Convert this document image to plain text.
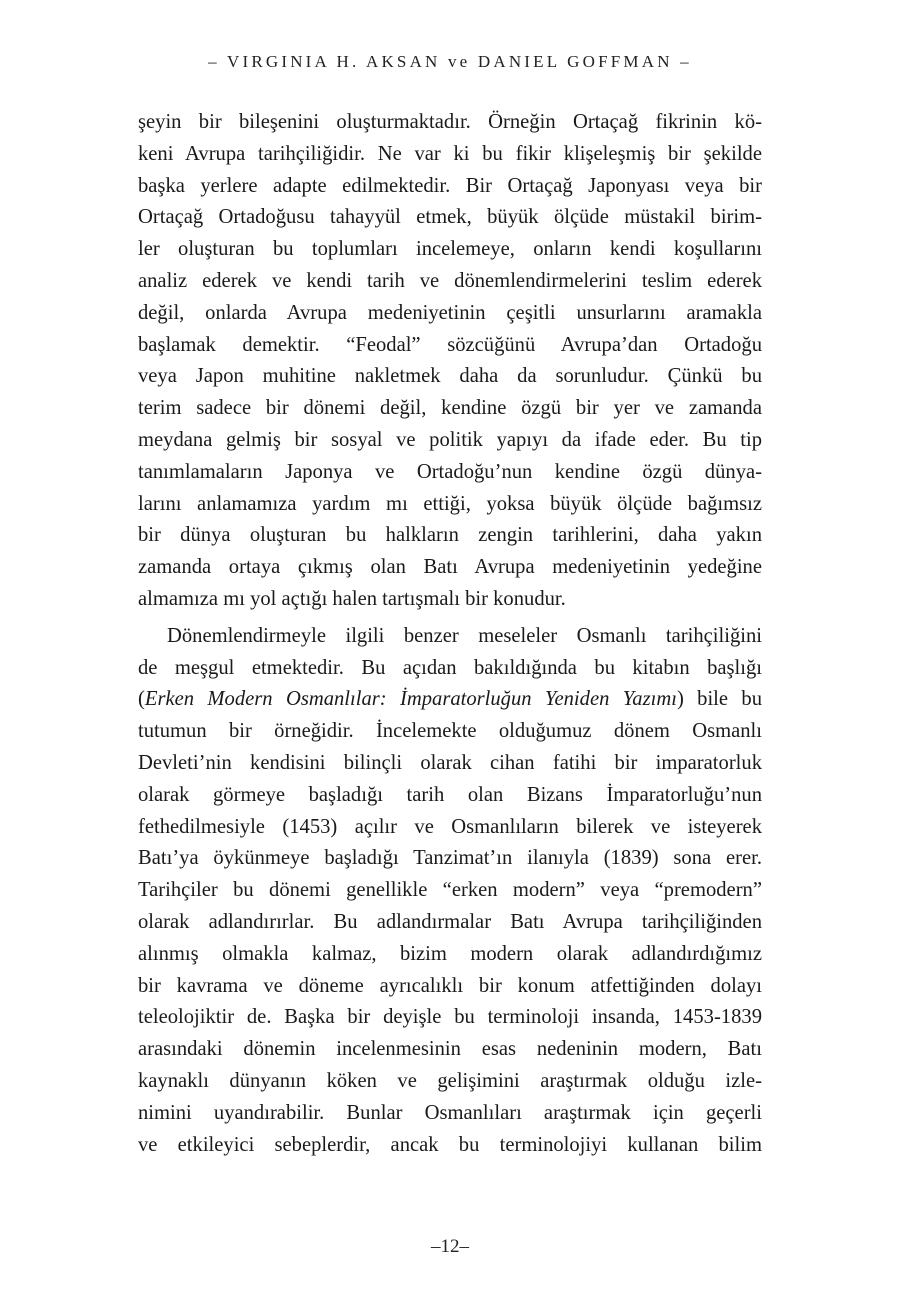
– VIRGINIA H. AKSAN ve DANIEL GOFFMAN –
şeyin bir bileşenini oluşturmaktadır. Örneğin Ortaçağ fikrinin kö-
keni Avrupa tarihçiliğidir. Ne var ki bu fikir klişeleşmiş bir şekilde
başka yerlere adapte edilmektedir. Bir Ortaçağ Japonyası veya bir
Ortaçağ Ortadoğusu tahayyül etmek, büyük ölçüde müstakil birim-
ler oluşturan bu toplumları incelemeye, onların kendi koşullarını
analiz ederek ve kendi tarih ve dönemlendirmelerini teslim ederek
değil, onlarda Avrupa medeniyetinin çeşitli unsurlarını aramakla
başlamak demektir. “Feodal” sözcüğünü Avrupa’dan Ortadoğu
veya Japon muhitine nakletmek daha da sorunludur. Çünkü bu
terim sadece bir dönemi değil, kendine özgü bir yer ve zamanda
meydana gelmiş bir sosyal ve politik yapıyı da ifade eder. Bu tip
tanımlamaların Japonya ve Ortadoğu’nun kendine özgü dünya-
larını anlamamıza yardım mı ettiği, yoksa büyük ölçüde bağımsız
bir dünya oluşturan bu halkların zengin tarihlerini, daha yakın
zamanda ortaya çıkmış olan Batı Avrupa medeniyetinin yedeğine
almamıza mı yol açtığı halen tartışmalı bir konudur.
Dönemlendirmeyle ilgili benzer meseleler Osmanlı tarihçiliğini
de meşgul etmektedir. Bu açıdan bakıldığında bu kitabın başlığı
(Erken Modern Osmanlılar: İmparatorluğun Yeniden Yazımı) bile bu
tutumun bir örneğidir. İncelemekte olduğumuz dönem Osmanlı
Devleti’nin kendisini bilinçli olarak cihan fatihi bir imparatorluk
olarak görmeye başladığı tarih olan Bizans İmparatorluğu’nun
fethedilmesiyle (1453) açılır ve Osmanlıların bilerek ve isteyerek
Batı’ya öykünmeye başladığı Tanzimat’ın ilanıyla (1839) sona erer.
Tarihçiler bu dönemi genellikle “erken modern” veya “premodern”
olarak adlandırırlar. Bu adlandırmalar Batı Avrupa tarihçiliğinden
alınmış olmakla kalmaz, bizim modern olarak adlandırdığımız
bir kavrama ve döneme ayrıcalıklı bir konum atfettiğinden dolayı
teleolojiktir de. Başka bir deyişle bu terminoloji insanda, 1453-1839
arasındaki dönemin incelenmesinin esas nedeninin modern, Batı
kaynaklı dünyanın köken ve gelişimini araştırmak olduğu izle-
nimini uyandırabilir. Bunlar Osmanlıları araştırmak için geçerli
ve etkileyici sebeplerdir, ancak bu terminolojiyi kullanan bilim
–12–
